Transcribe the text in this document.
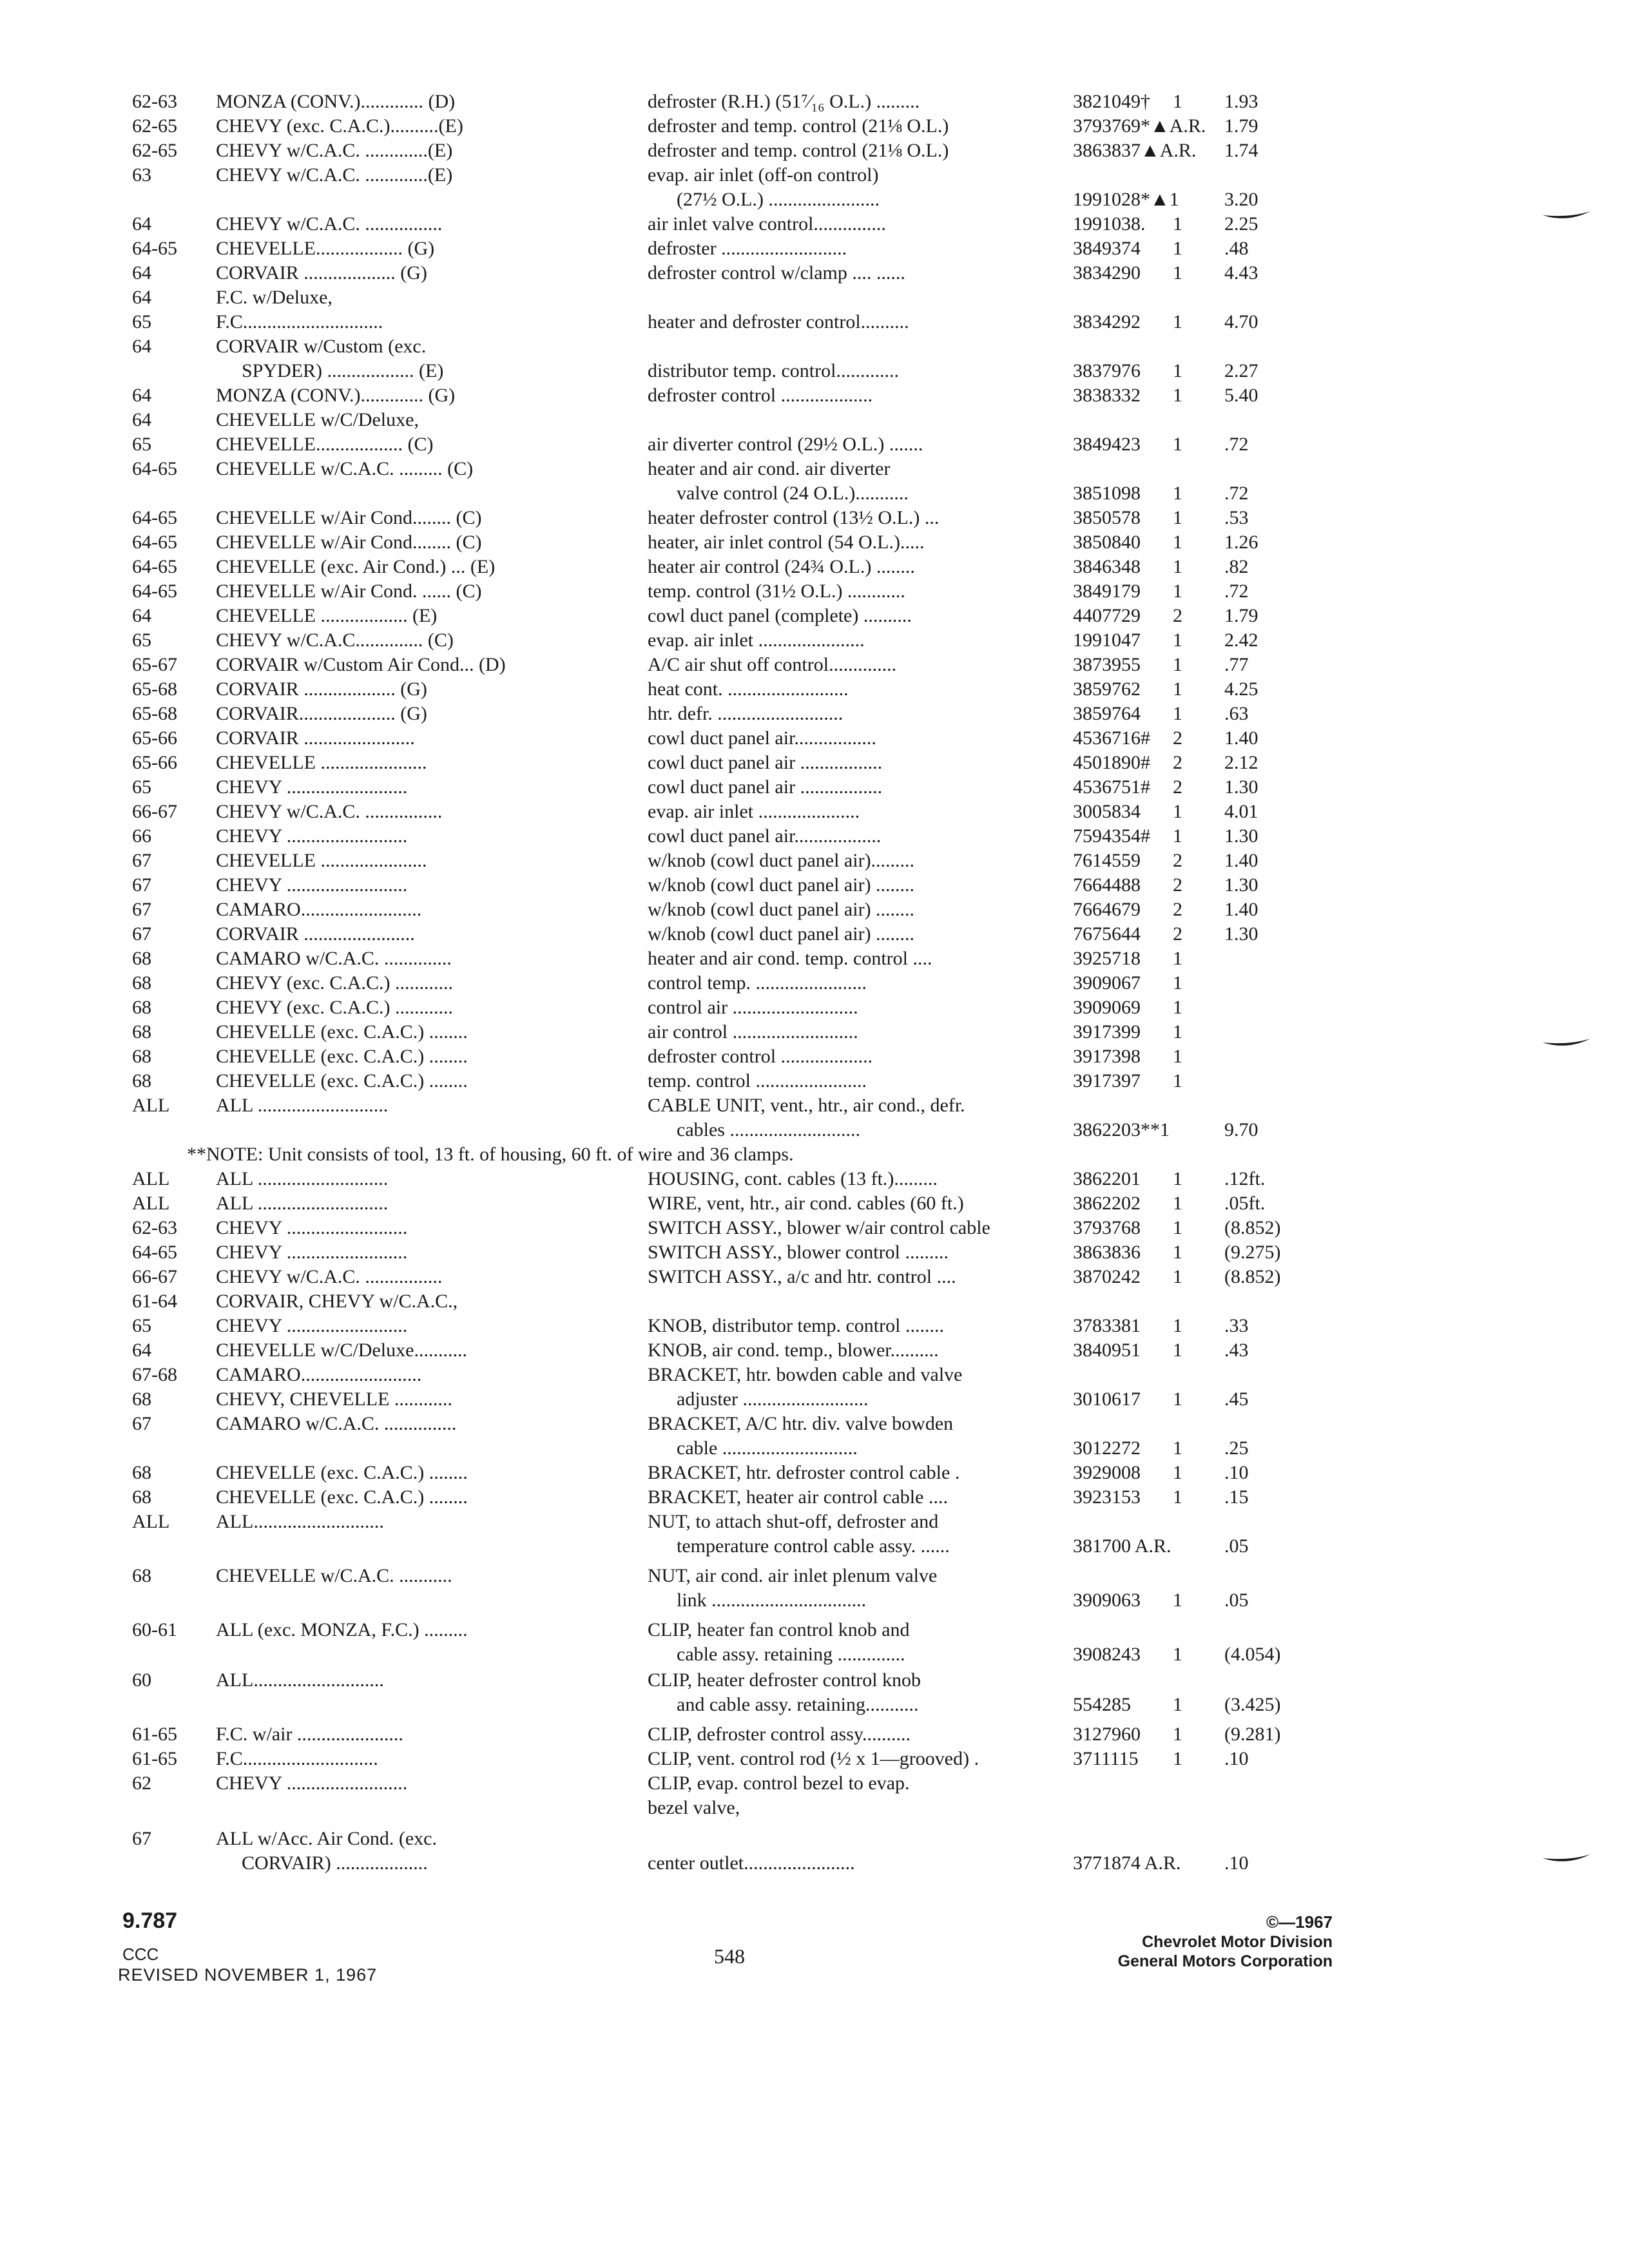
62-63 MONZA (CONV.)............. (D)	defroster (R.H.) (51⁷⁄₁₆ O.L.) .........	3821049† 1 1.93
62-65 CHEVY (exc. C.A.C.)..........(E)	defroster and temp. control (21⅛ O.L.)	3793769*▲A.R. 1.79
62-65 CHEVY w/C.A.C. .............(E)	defroster and temp. control (21⅛ O.L.)	3863837▲A.R. 1.74
63	CHEVY w/C.A.C. .............(E)	evap. air inlet (off-on control)
(27½ O.L.) .......................	1991028*▲1 3.20
64	CHEVY w/C.A.C. ................	air inlet valve control...............	1991038. 1 2.25
64-65 CHEVELLE.................. (G)	defroster ..........................	3849374 1 .48
64	CORVAIR ................... (G)	defroster control w/clamp .... ......	3834290 1 4.43
64	F.C. w/Deluxe,
65	F.C.............................	heater and defroster control..........	3834292 1 4.70
64	CORVAIR w/Custom (exc.
SPYDER) .................. (E)	distributor temp. control.............	3837976 1 2.27
64	MONZA (CONV.)............. (G)	defroster control ...................	3838332 1 5.40
64	CHEVELLE w/C/Deluxe,
65	CHEVELLE.................. (C)	air diverter control (29½ O.L.) .......	3849423 1 .72
64-65 CHEVELLE w/C.A.C. ......... (C)	heater and air cond. air diverter
valve control (24 O.L.)...........	3851098 1 .72
64-65 CHEVELLE w/Air Cond........ (C)	heater defroster control (13½ O.L.) ...	3850578 1 .53
64-65 CHEVELLE w/Air Cond........ (C)	heater, air inlet control (54 O.L.).....	3850840 1 1.26
64-65 CHEVELLE (exc. Air Cond.) ... (E)	heater air control (24¾ O.L.) ........	3846348 1 .82
64-65 CHEVELLE w/Air Cond. ...... (C)	temp. control (31½ O.L.) ............	3849179 1 .72
64	CHEVELLE .................. (E)	cowl duct panel (complete) ..........	4407729 2 1.79
65	CHEVY w/C.A.C.............. (C)	evap. air inlet ......................	1991047 1 2.42
65-67 CORVAIR w/Custom Air Cond... (D)	A/C air shut off control..............	3873955 1 .77
65-68 CORVAIR ................... (G)	heat cont. .........................	3859762 1 4.25
65-68 CORVAIR.................... (G)	htr. defr. ..........................	3859764 1 .63
65-66 CORVAIR .......................	cowl duct panel air.................	4536716# 2 1.40
65-66 CHEVELLE ......................	cowl duct panel air .................	4501890# 2 2.12
65	CHEVY .........................	cowl duct panel air .................	4536751# 2 1.30
66-67 CHEVY w/C.A.C. ................	evap. air inlet .....................	3005834 1 4.01
66	CHEVY .........................	cowl duct panel air..................	7594354# 1 1.30
67	CHEVELLE ......................	w/knob (cowl duct panel air).........	7614559 2 1.40
67	CHEVY .........................	w/knob (cowl duct panel air) ........	7664488 2 1.30
67	CAMARO.........................	w/knob (cowl duct panel air) ........	7664679 2 1.40
67	CORVAIR .......................	w/knob (cowl duct panel air) ........	7675644 2 1.30
68	CAMARO w/C.A.C. ..............	heater and air cond. temp. control ....	3925718 1
68	CHEVY (exc. C.A.C.) ............	control temp. .......................	3909067 1
68	CHEVY (exc. C.A.C.) ............	control air ..........................	3909069 1
68	CHEVELLE (exc. C.A.C.) ........	air control ..........................	3917399 1
68	CHEVELLE (exc. C.A.C.) ........	defroster control ...................	3917398 1
68	CHEVELLE (exc. C.A.C.) ........	temp. control .......................	3917397 1
ALL ALL ...........................	CABLE UNIT, vent., htr., air cond., defr.
cables ...........................	3862203**1	9.70
ALL ALL ...........................	HOUSING, cont. cables (13 ft.).........	3862201 1 .12ft.
ALL ALL ...........................	WIRE, vent, htr., air cond. cables (60 ft.)	3862202 1 .05ft.
62-63 CHEVY .........................	SWITCH ASSY., blower w/air control cable	3793768 1 (8.852)
64-65 CHEVY .........................	SWITCH ASSY., blower control .........	3863836 1 (9.275)
66-67 CHEVY w/C.A.C. ................	SWITCH ASSY., a/c and htr. control ....	3870242 1 (8.852)
61-64 CORVAIR, CHEVY w/C.A.C.,
65	CHEVY .........................	KNOB, distributor temp. control ........	3783381 1 .33
64	CHEVELLE w/C/Deluxe...........	KNOB, air cond. temp., blower..........	3840951 1 .43
67-68 CAMARO.........................	BRACKET, htr. bowden cable and valve
68	CHEVY, CHEVELLE ............	adjuster ..........................	3010617 1 .45
67	CAMARO w/C.A.C. ...............	BRACKET, A/C htr. div. valve bowden
cable ............................	3012272 1 .25
68	CHEVELLE (exc. C.A.C.) ........	BRACKET, htr. defroster control cable .	3929008 1 .10
68	CHEVELLE (exc. C.A.C.) ........	BRACKET, heater air control cable ....	3923153 1 .15
ALL ALL...........................	NUT, to attach shut-off, defroster and
temperature control cable assy. ......	381700 A.R.	.05
68	CHEVELLE w/C.A.C. ...........	NUT, air cond. air inlet plenum valve
link ................................	3909063 1 .05
60-61 ALL (exc. MONZA, F.C.) .........	CLIP, heater fan control knob and
cable assy. retaining ..............	3908243 1 (4.054)
60	ALL...........................	CLIP, heater defroster control knob
and cable assy. retaining...........	554285 1 (3.425)
61-65 F.C. w/air ......................	CLIP, defroster control assy..........	3127960 1 (9.281)
61-65 F.C............................	CLIP, vent. control rod (½ x 1—grooved) .	3711115 1 .10
62	CHEVY .........................	CLIP, evap. control bezel to evap.
bezel valve,
67	ALL w/Acc. Air Cond. (exc.
CORVAIR) ...................	center outlet.......................	3771874 A.R. .10
**NOTE: Unit consists of tool, 13 ft. of housing, 60 ft. of wire and 36 clamps.
9.787
CCC
REVISED NOVEMBER 1, 1967
548
©—1967
Chevrolet Motor Division
General Motors Corporation
